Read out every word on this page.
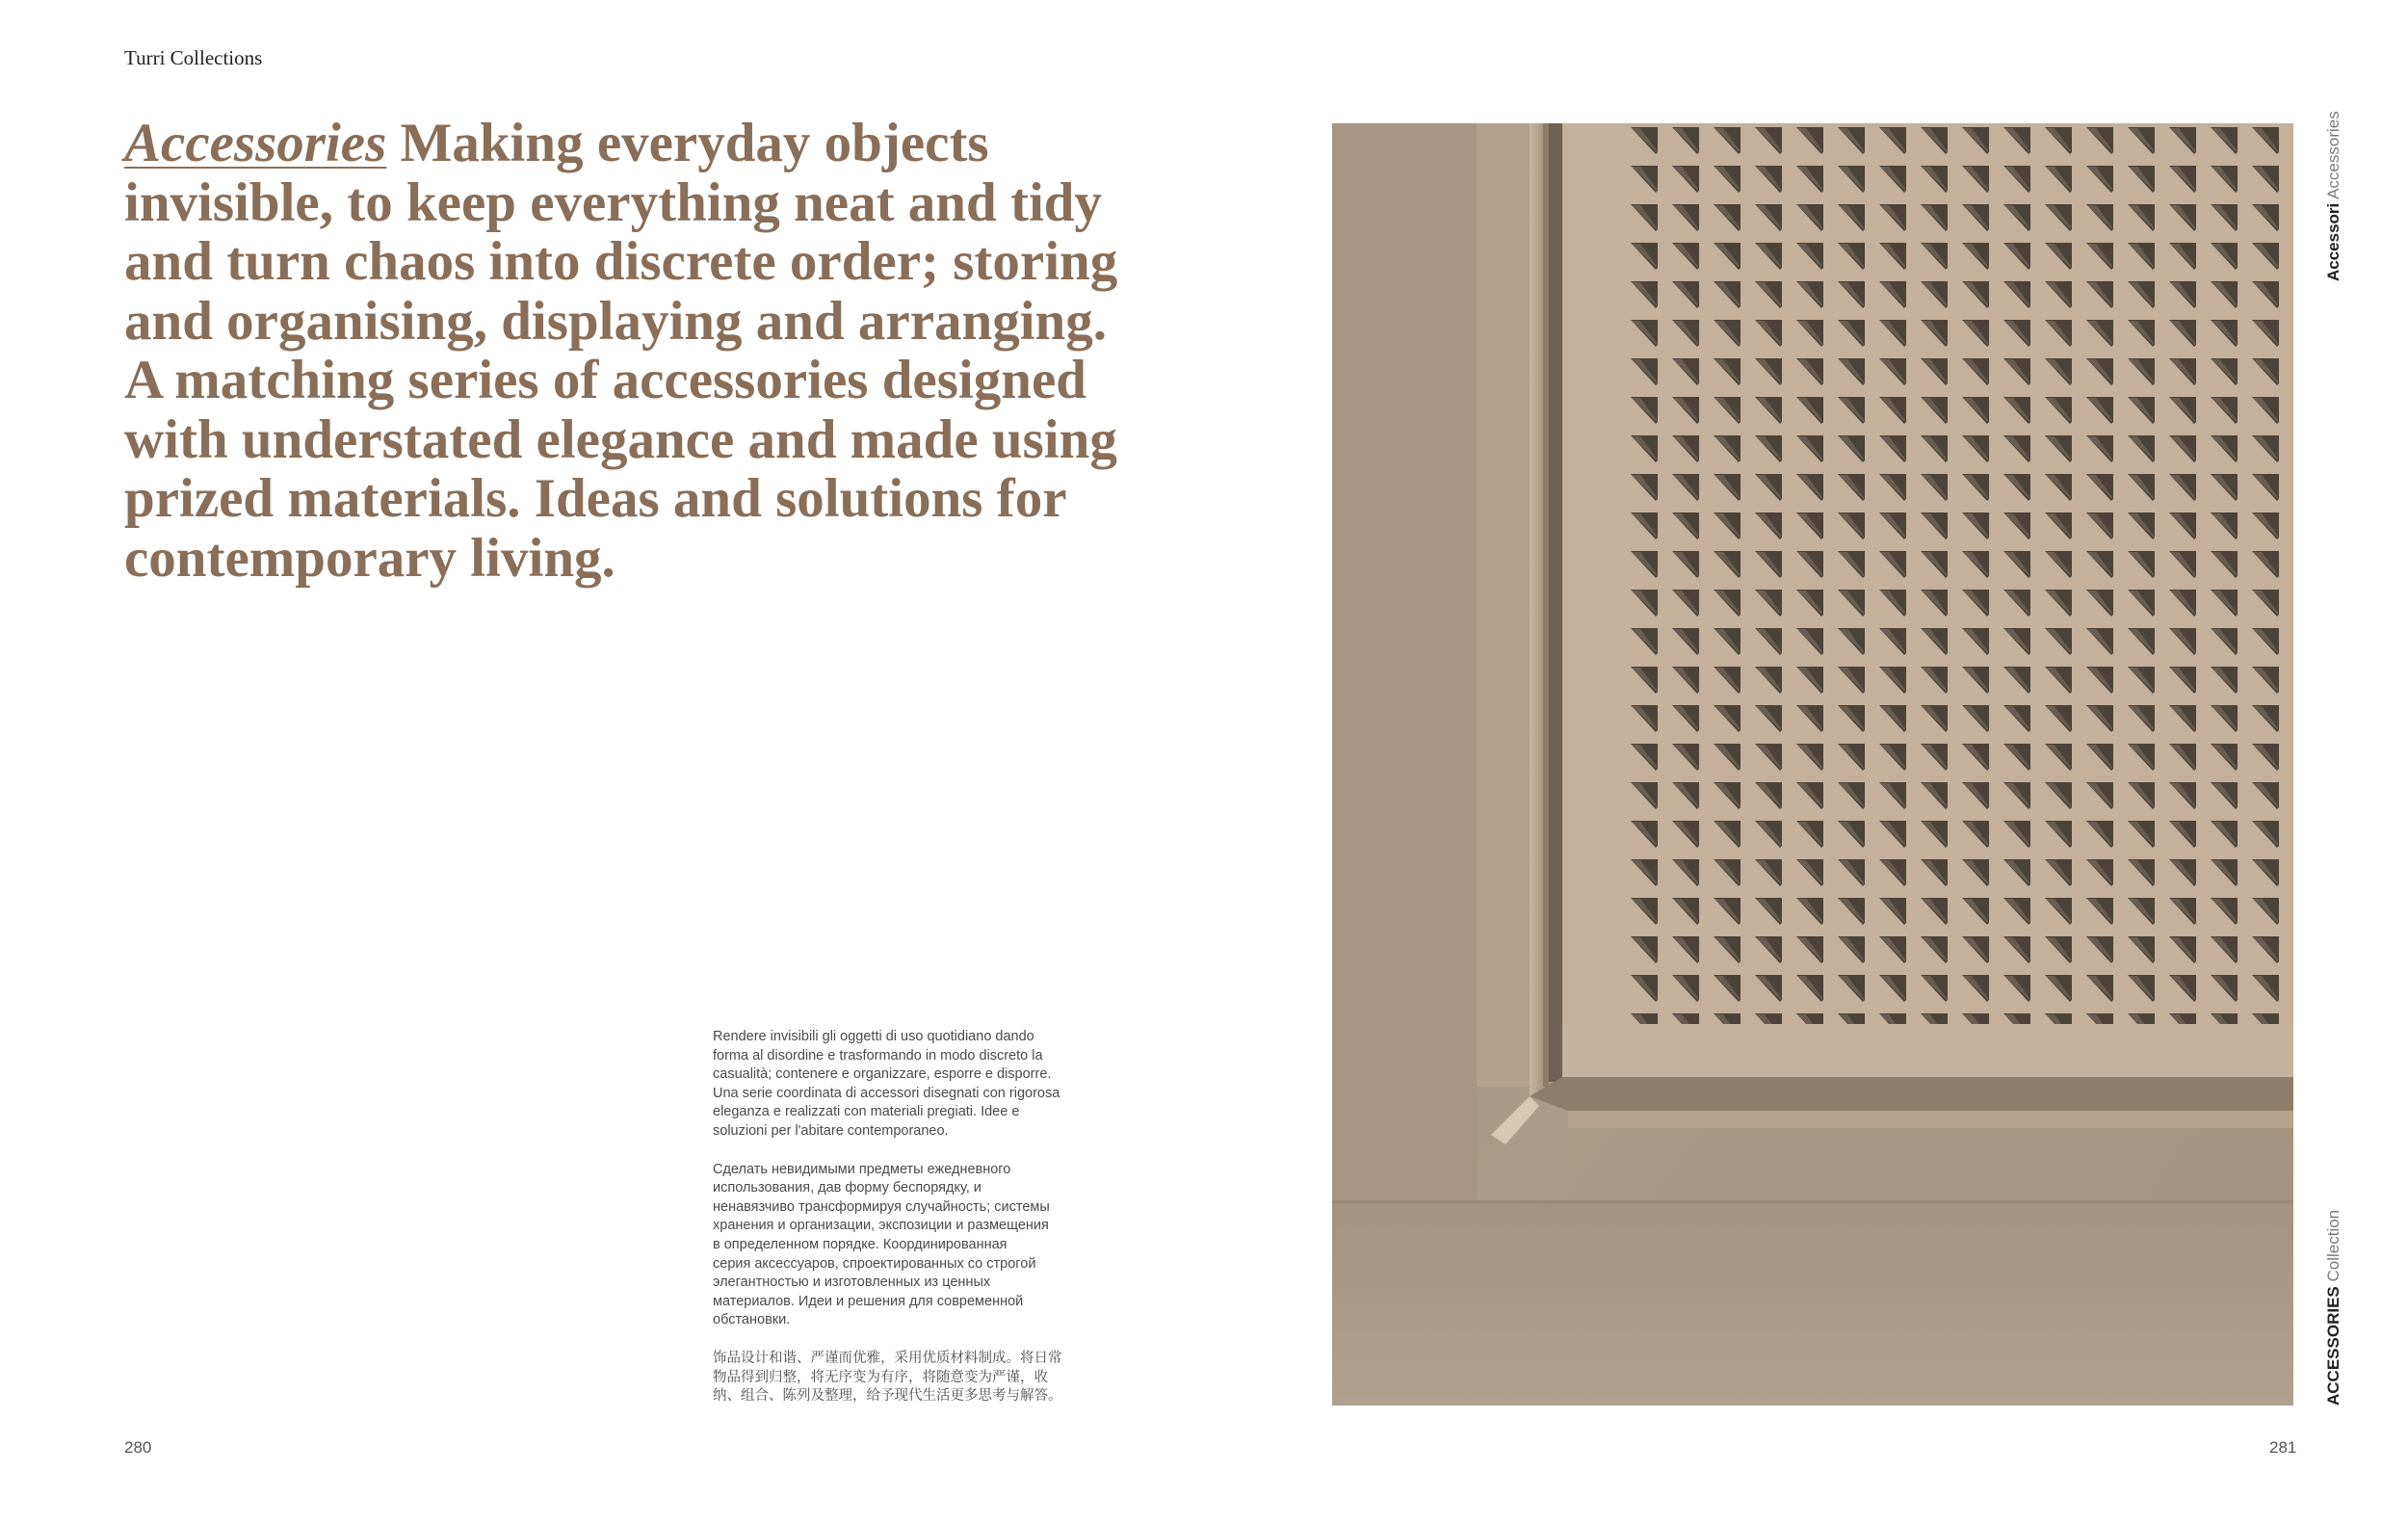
Turri Collections
Accessories Making everyday objects
invisible, to keep everything neat and tidy
and turn chaos into discrete order; storing
and organising, displaying and arranging.
A matching series of accessories designed
with understated elegance and made using
prized materials. Ideas and solutions for
contemporary living.

Rendere invisibili gli oggetti di uso quotidiano dando
forma al disordine e trasformando in modo discreto la
casualità; contenere e organizzare, esporre e disporre.
Una serie coordinata di accessori disegnati con rigorosa
eleganza e realizzati con materiali pregiati. Idee e
soluzioni per l'abitare contemporaneo.

Сделать невидимыми предметы ежедневного
использования, дав форму беспорядку, и
ненавязчиво трансформируя случайность; системы
хранения и организации, экспозиции и размещения
в определенном порядке. Координированная
серия аксессуаров, спроектированных со строгой
элегантностью и изготовленных из ценных
материалов. Идеи и решения для современной
обстановки.

饰品设计和谐、严谨而优雅，采用优质材料制成。将日常
物品得到归整，将无序变为有序，将随意变为严谨，收
纳、组合、陈列及整理，给予现代生活更多思考与解答。

280	281
Accessori Accessories
ACCESSORIES Collection
